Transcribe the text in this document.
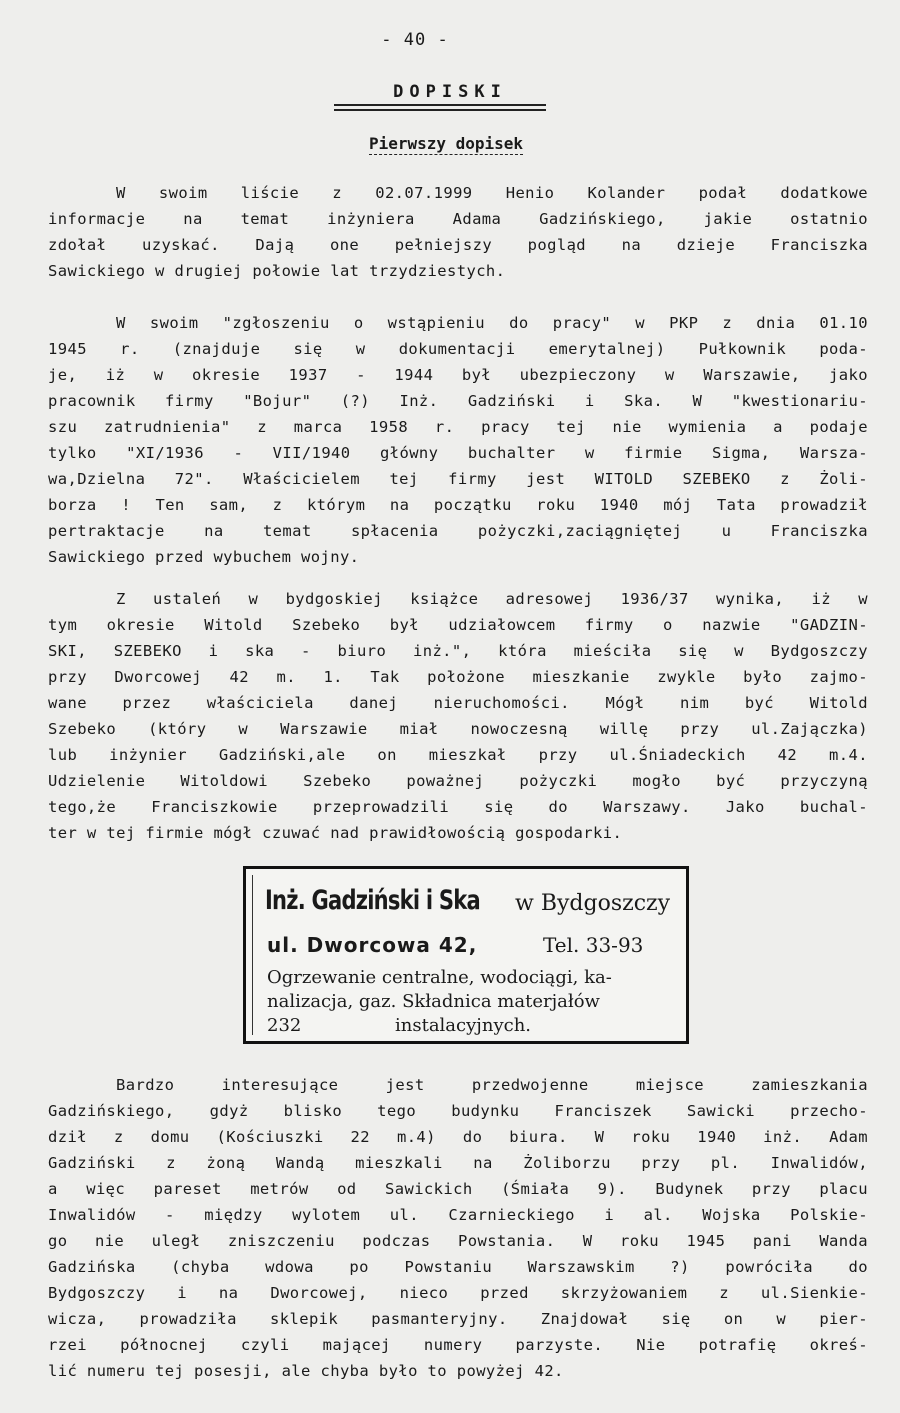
- 40 -
DOPISKI
Pierwszy dopisek
W swoim liście z 02.07.1999 Henio Kolander podał dodatkowe
informacje na temat inżyniera Adama Gadzińskiego, jakie ostatnio
zdołał uzyskać. Dają one pełniejszy pogląd na dzieje Franciszka
Sawickiego w drugiej połowie lat trzydziestych.
W swoim "zgłoszeniu o wstąpieniu do pracy" w PKP z dnia 01.10
1945 r. (znajduje się w dokumentacji emerytalnej) Pułkownik poda-
je, iż w okresie 1937 - 1944 był ubezpieczony w Warszawie, jako
pracownik firmy "Bojur" (?) Inż. Gadziński i Ska. W "kwestionariu-
szu zatrudnienia" z marca 1958 r. pracy tej nie wymienia a podaje
tylko "XI/1936 - VII/1940 główny buchalter w firmie Sigma, Warsza-
wa,Dzielna 72". Właścicielem tej firmy jest WITOLD SZEBEKO z Żoli-
borza ! Ten sam, z którym na początku roku 1940 mój Tata prowadził
pertraktacje na temat spłacenia pożyczki,zaciągniętej u Franciszka
Sawickiego przed wybuchem wojny.
Z ustaleń w bydgoskiej książce adresowej 1936/37 wynika, iż w
tym okresie Witold Szebeko był udziałowcem firmy o nazwie "GADZIN-
SKI, SZEBEKO i ska - biuro inż.", która mieściła się w Bydgoszczy
przy Dworcowej 42 m. 1. Tak położone mieszkanie zwykle było zajmo-
wane przez właściciela danej nieruchomości. Mógł nim być Witold
Szebeko (który w Warszawie miał nowoczesną willę przy ul.Zajączka)
lub inżynier Gadziński,ale on mieszkał przy ul.Śniadeckich 42 m.4.
Udzielenie Witoldowi Szebeko poważnej pożyczki mogło być przyczyną
tego,że Franciszkowie przeprowadzili się do Warszawy. Jako buchal-
ter w tej firmie mógł czuwać nad prawidłowością gospodarki.
Inż. Gadziński i Ska w Bydgoszczy
ul. Dworcowa 42,	Tel. 33-93
Ogrzewanie centralne, wodociągi, ka-
nalizacja, gaz. Składnica materjałów
232	instalacyjnych.
Bardzo interesujące jest przedwojenne miejsce zamieszkania
Gadzińskiego, gdyż blisko tego budynku Franciszek Sawicki przecho-
dził z domu (Kościuszki 22 m.4) do biura. W roku 1940 inż. Adam
Gadziński z żoną Wandą mieszkali na Żoliborzu przy pl. Inwalidów,
a więc pareset metrów od Sawickich (Śmiała 9). Budynek przy placu
Inwalidów - między wylotem ul. Czarnieckiego i al. Wojska Polskie-
go nie uległ zniszczeniu podczas Powstania. W roku 1945 pani Wanda
Gadzińska (chyba wdowa po Powstaniu Warszawskim ?) powróciła do
Bydgoszczy i na Dworcowej, nieco przed skrzyżowaniem z ul.Sienkie-
wicza, prowadziła sklepik pasmanteryjny. Znajdował się on w pier-
rzei północnej czyli mającej numery parzyste. Nie potrafię okreś-
lić numeru tej posesji, ale chyba było to powyżej 42.
